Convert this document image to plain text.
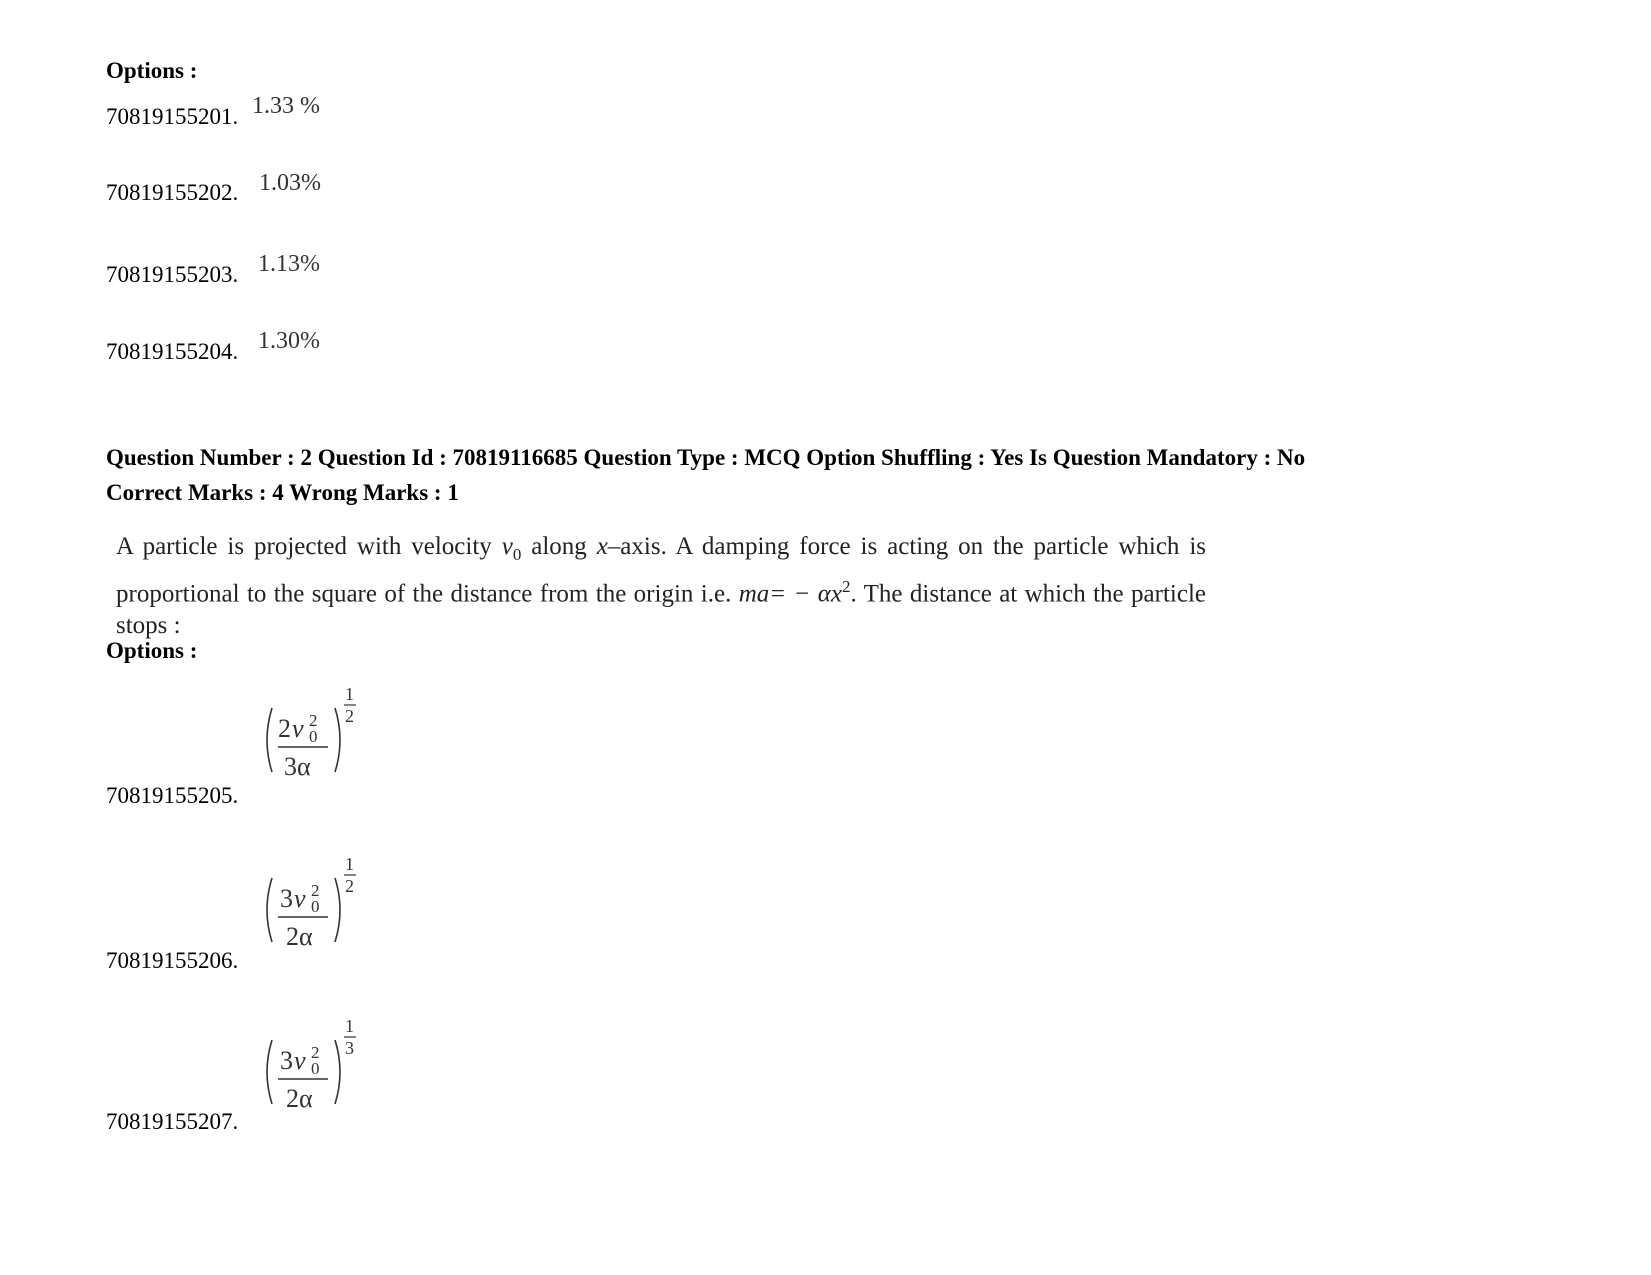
Options :
70819155201. 1.33 %
70819155202. 1.03%
70819155203. 1.13%
70819155204. 1.30%
Question Number : 2 Question Id : 70819116685 Question Type : MCQ Option Shuffling : Yes Is Question Mandatory : No
Correct Marks : 4 Wrong Marks : 1
A particle is projected with velocity $v_0$ along x–axis. A damping force is acting on the particle which is proportional to the square of the distance from the origin i.e. $ma= - \alpha x^2$. The distance at which the particle stops :
Options :
70819155205.
2 v 2
0
3α
1
2
70819155206.
3 v 2
0
2α
1
2
70819155207.
3 v 2
0
2α
1
3
